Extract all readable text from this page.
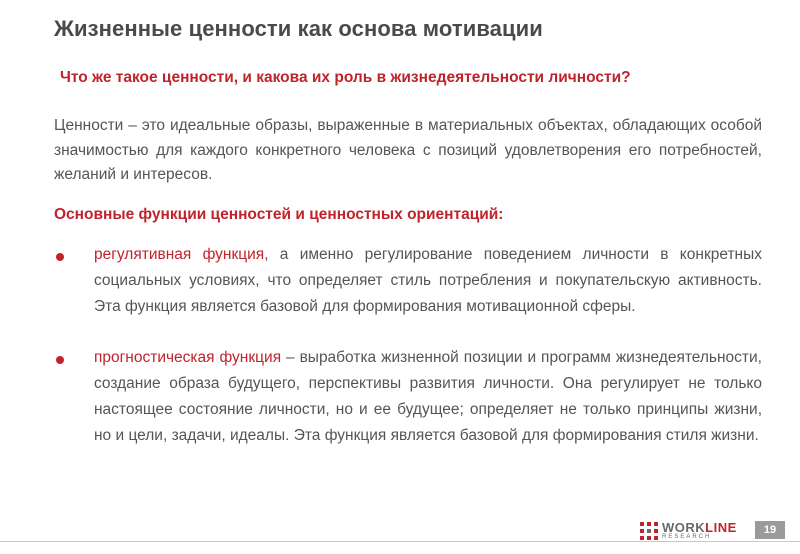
Жизненные ценности как основа мотивации
Что же такое ценности, и какова их роль в жизнедеятельности личности?
Ценности – это идеальные образы, выраженные в материальных объектах, обладающих особой значимостью для каждого конкретного человека с позиций удовлетворения его потребностей, желаний и интересов.
Основные функции ценностей и ценностных ориентаций:
регулятивная функция, а именно регулирование поведением личности в конкретных социальных условиях, что определяет стиль потребления и покупательскую активность. Эта функция является базовой для формирования мотивационной сферы.
прогностическая функция – выработка жизненной позиции и программ жизнедеятельности, создание образа будущего, перспективы развития личности. Она регулирует не только настоящее состояние личности, но и ее будущее; определяет не только принципы жизни, но и цели, задачи, идеалы. Эта функция является базовой для формирования стиля жизни.
WORKLINE
RESEARCH
19
